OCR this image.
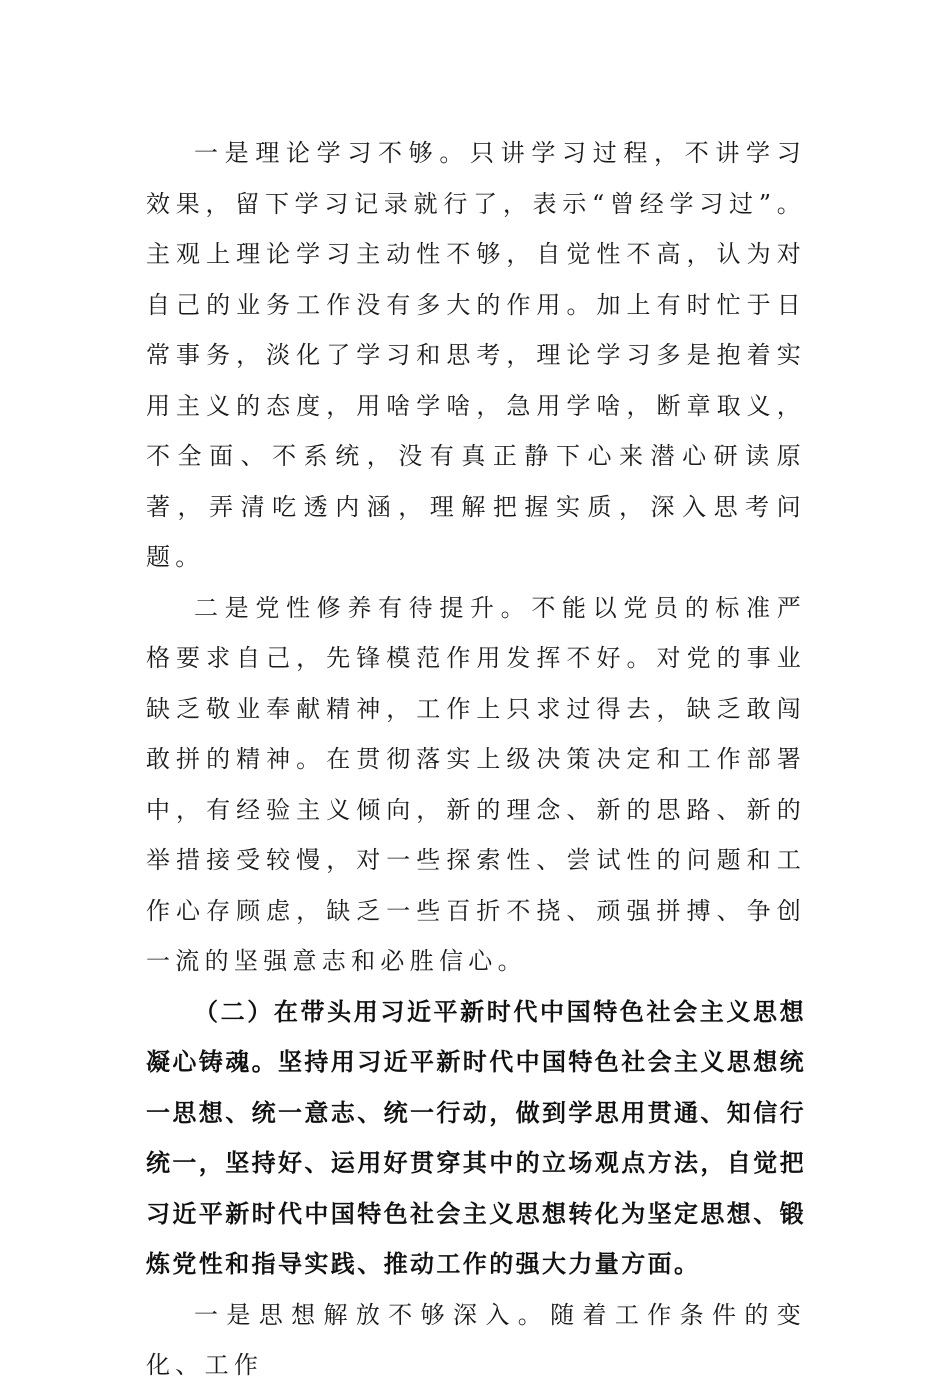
一是理论学习不够。只讲学习过程，不讲学习效果，留下学习记录就行了，表示“曾经学习过”。主观上理论学习主动性不够，自觉性不高，认为对自己的业务工作没有多大的作用。加上有时忙于日常事务，淡化了学习和思考，理论学习多是抱着实用主义的态度，用啥学啥，急用学啥，断章取义，不全面、不系统，没有真正静下心来潜心研读原著，弄清吃透内涵，理解把握实质，深入思考问题。

二是党性修养有待提升。不能以党员的标准严格要求自己，先锋模范作用发挥不好。对党的事业缺乏敬业奉献精神，工作上只求过得去，缺乏敢闯敢拼的精神。在贯彻落实上级决策决定和工作部署中，有经验主义倾向，新的理念、新的思路、新的举措接受较慢，对一些探索性、尝试性的问题和工作心存顾虑，缺乏一些百折不挠、顽强拼搏、争创一流的坚强意志和必胜信心。

（二）在带头用习近平新时代中国特色社会主义思想凝心铸魂。坚持用习近平新时代中国特色社会主义思想统一思想、统一意志、统一行动，做到学思用贯通、知信行统一，坚持好、运用好贯穿其中的立场观点方法，自觉把习近平新时代中国特色社会主义思想转化为坚定思想、锻炼党性和指导实践、推动工作的强大力量方面。

一是思想解放不够深入。随着工作条件的变化、工作
